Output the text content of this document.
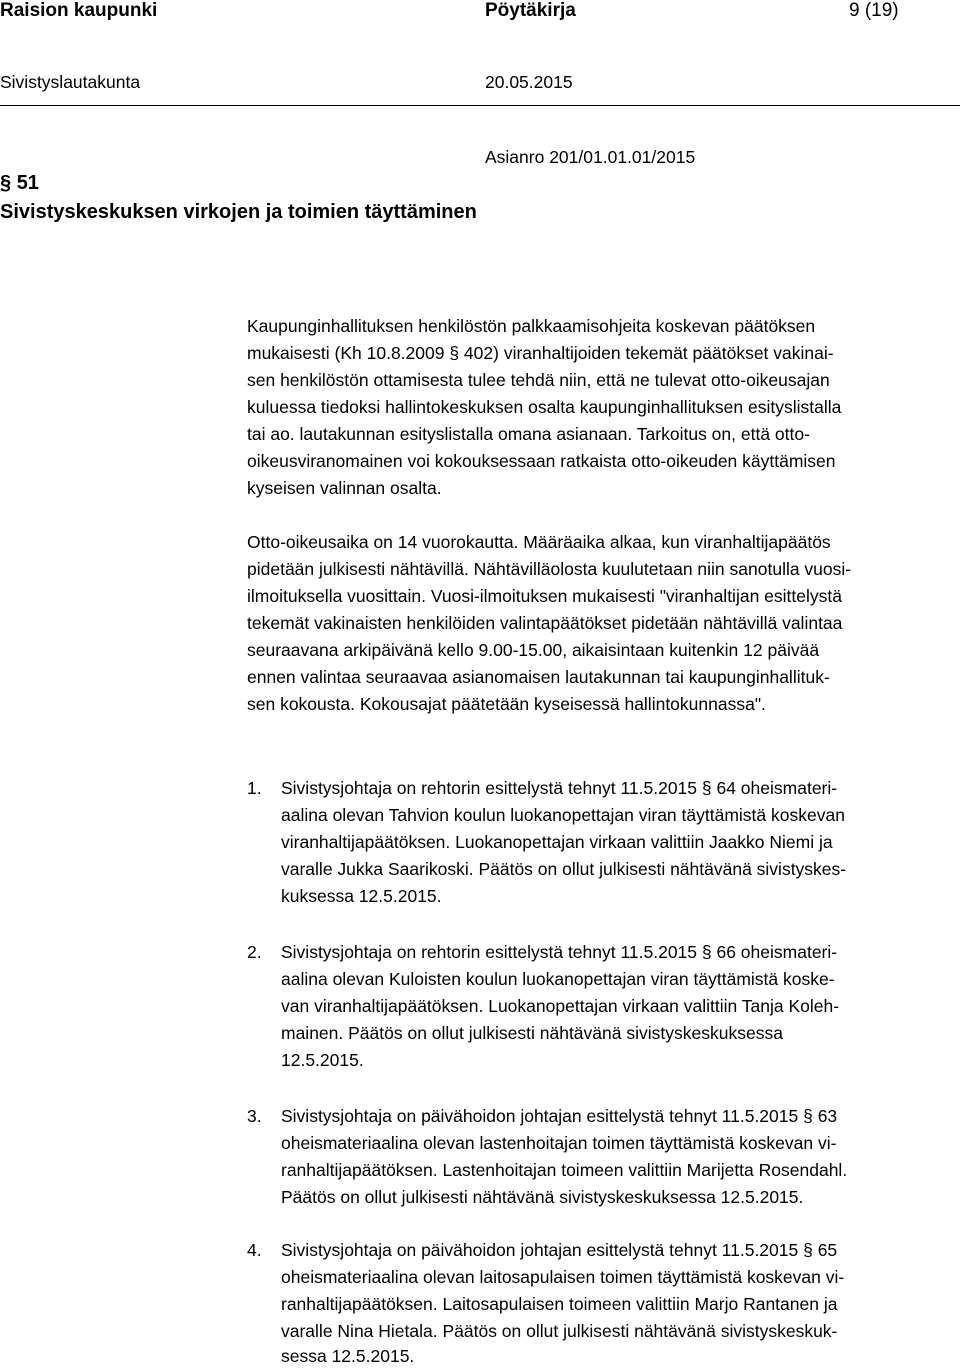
Raision kaupunki	Pöytäkirja	9 (19)
Sivistyslautakunta	20.05.2015
Asianro 201/01.01.01/2015
§ 51
Sivistyskeskuksen virkojen ja toimien täyttäminen
Kaupunginhallituksen henkilöstön palkkaamisohjeita koskevan päätöksen
mukaisesti (Kh 10.8.2009 § 402) viranhaltijoiden tekemät päätökset vakinai-
sen henkilöstön ottamisesta tulee tehdä niin, että ne tulevat otto-oikeusajan
kuluessa tiedoksi hallintokeskuksen osalta kaupunginhallituksen esityslistalla
tai ao. lautakunnan esityslistalla omana asianaan. Tarkoitus on, että otto-
oikeusviranomainen voi kokouksessaan ratkaista otto-oikeuden käyttämisen
kyseisen valinnan osalta.
Otto-oikeusaika on 14 vuorokautta. Määräaika alkaa, kun viranhaltijapäätös
pidetään julkisesti nähtävillä. Nähtävilläolosta kuulutetaan niin sanotulla vuosi-
ilmoituksella vuosittain. Vuosi-ilmoituksen mukaisesti "viranhaltijan esittelystä
tekemät vakinaisten henkilöiden valintapäätökset pidetään nähtävillä valintaa
seuraavana arkipäivänä kello 9.00-15.00, aikaisintaan kuitenkin 12 päivää
ennen valintaa seuraavaa asianomaisen lautakunnan tai kaupunginhallituk-
sen kokousta. Kokousajat päätetään kyseisessä hallintokunnassa".
1. Sivistysjohtaja on rehtorin esittelystä tehnyt 11.5.2015 § 64 oheismateri-
aalina olevan Tahvion koulun luokanopettajan viran täyttämistä koskevan
viranhaltijapäätöksen. Luokanopettajan virkaan valittiin Jaakko Niemi ja
varalle Jukka Saarikoski. Päätös on ollut julkisesti nähtävänä sivistyskes-
kuksessa 12.5.2015.
2. Sivistysjohtaja on rehtorin esittelystä tehnyt 11.5.2015 § 66 oheismateri-
aalina olevan Kuloisten koulun luokanopettajan viran täyttämistä koske-
van viranhaltijapäätöksen. Luokanopettajan virkaan valittiin Tanja Koleh-
mainen. Päätös on ollut julkisesti nähtävänä sivistyskeskuksessa
12.5.2015.
3. Sivistysjohtaja on päivähoidon johtajan esittelystä tehnyt 11.5.2015 § 63
oheismateriaalina olevan lastenhoitajan toimen täyttämistä koskevan vi-
ranhaltijapäätöksen. Lastenhoitajan toimeen valittiin Marijetta Rosendahl.
Päätös on ollut julkisesti nähtävänä sivistyskeskuksessa 12.5.2015.
4. Sivistysjohtaja on päivähoidon johtajan esittelystä tehnyt 11.5.2015 § 65
oheismateriaalina olevan laitosapulaisen toimen täyttämistä koskevan vi-
ranhaltijapäätöksen. Laitosapulaisen toimeen valittiin Marjo Rantanen ja
varalle Nina Hietala. Päätös on ollut julkisesti nähtävänä sivistyskeskuk-
sessa 12.5.2015.
